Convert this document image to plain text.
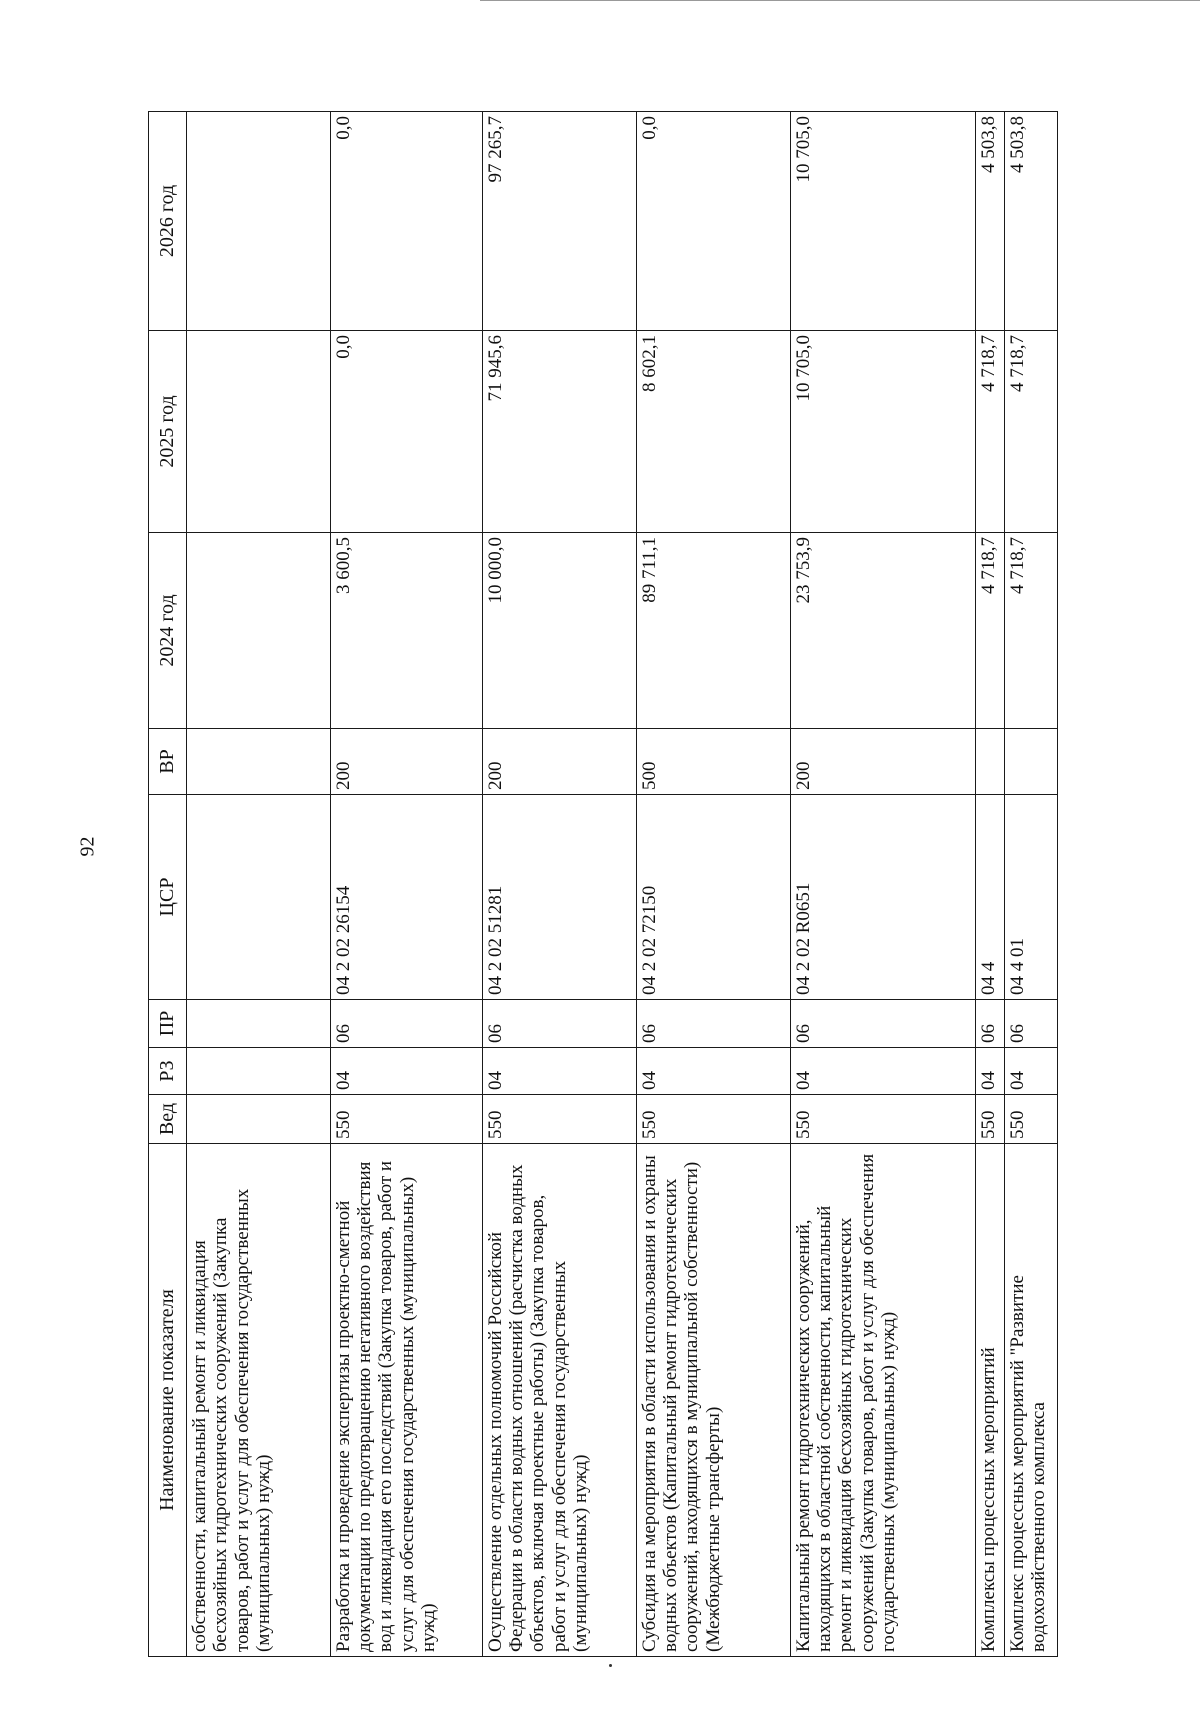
92
Наименование показателя	Вед	РЗ	ПР	ЦСР	ВР	2024 год	2025 год	2026 год
собственности, капитальный ремонт и ликвидация бесхозяйных гидротехнических сооружений (Закупка товаров, работ и услуг для обеспечения государственных (муниципальных) нужд)								
Разработка и проведение экспертизы проектно-сметной документации по предотвращению негативного воздействия вод и ликвидация его последствий (Закупка товаров, работ и услуг для обеспечения государственных (муниципальных) нужд)	550	04	06	04 2 02 26154	200	3 600,5	0,0	0,0
Осуществление отдельных полномочий Российской Федерации в области водных отношений (расчистка водных объектов, включая проектные работы) (Закупка товаров, работ и услуг для обеспечения государственных (муниципальных) нужд)	550	04	06	04 2 02 51281	200	10 000,0	71 945,6	97 265,7
Субсидия на мероприятия в области использования и охраны водных объектов (Капитальный ремонт гидротехнических сооружений, находящихся в муниципальной собственности) (Межбюджетные трансферты)	550	04	06	04 2 02 72150	500	89 711,1	8 602,1	0,0
Капитальный ремонт гидротехнических сооружений, находящихся в областной собственности, капитальный ремонт и ликвидация бесхозяйных гидротехнических сооружений (Закупка товаров, работ и услуг для обеспечения государственных (муниципальных) нужд)	550	04	06	04 2 02 R0651	200	23 753,9	10 705,0	10 705,0
Комплексы процессных мероприятий	550	04	06	04 4		4 718,7	4 718,7	4 503,8
Комплекс процессных мероприятий "Развитие водохозяйственного комплекса	550	04	06	04 4 01		4 718,7	4 718,7	4 503,8
